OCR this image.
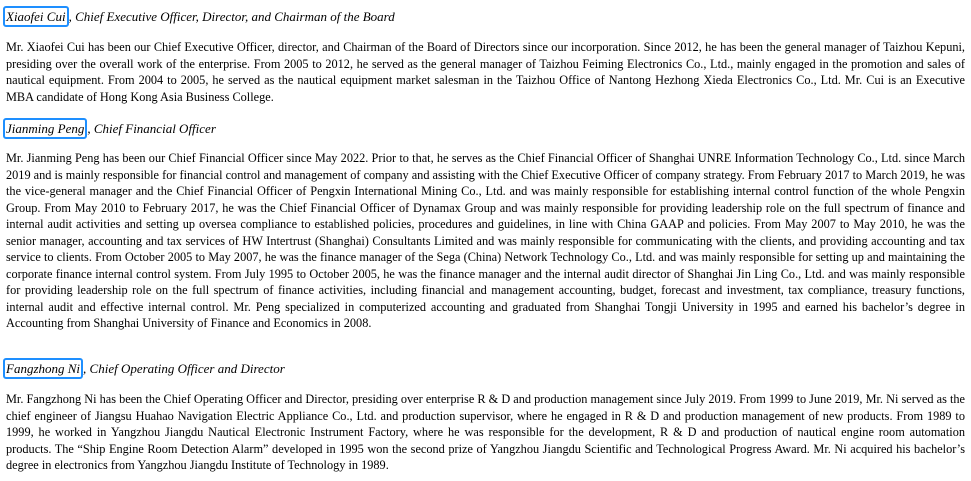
Xiaofei Cui , Chief Executive Officer, Director, and Chairman of the Board

Mr. Xiaofei Cui has been our Chief Executive Officer, director, and Chairman of the Board of Directors since our incorporation. Since 2012, he has been the general manager of Taizhou Kepuni, presiding over the overall work of the enterprise. From 2005 to 2012, he served as the general manager of Taizhou Feiming Electronics Co., Ltd., mainly engaged in the promotion and sales of nautical equipment. From 2004 to 2005, he served as the nautical equipment market salesman in the Taizhou Office of Nantong Hezhong Xieda Electronics Co., Ltd. Mr. Cui is an Executive MBA candidate of Hong Kong Asia Business College.

Jianming Peng , Chief Financial Officer

Mr. Jianming Peng has been our Chief Financial Officer since May 2022. Prior to that, he serves as the Chief Financial Officer of Shanghai UNRE Information Technology Co., Ltd. since March 2019 and is mainly responsible for financial control and management of company and assisting with the Chief Executive Officer of company strategy. From February 2017 to March 2019, he was the vice-general manager and the Chief Financial Officer of Pengxin International Mining Co., Ltd. and was mainly responsible for establishing internal control function of the whole Pengxin Group. From May 2010 to February 2017, he was the Chief Financial Officer of Dynamax Group and was mainly responsible for providing leadership role on the full spectrum of finance and internal audit activities and setting up oversea compliance to established policies, procedures and guidelines, in line with China GAAP and policies. From May 2007 to May 2010, he was the senior manager, accounting and tax services of HW Intertrust (Shanghai) Consultants Limited and was mainly responsible for communicating with the clients, and providing accounting and tax service to clients. From October 2005 to May 2007, he was the finance manager of the Sega (China) Network Technology Co., Ltd. and was mainly responsible for setting up and maintaining the corporate finance internal control system. From July 1995 to October 2005, he was the finance manager and the internal audit director of Shanghai Jin Ling Co., Ltd. and was mainly responsible for providing leadership role on the full spectrum of finance activities, including financial and management accounting, budget, forecast and investment, tax compliance, treasury functions, internal audit and effective internal control. Mr. Peng specialized in computerized accounting and graduated from Shanghai Tongji University in 1995 and earned his bachelor’s degree in Accounting from Shanghai University of Finance and Economics in 2008.

Fangzhong Ni , Chief Operating Officer and Director

Mr. Fangzhong Ni has been the Chief Operating Officer and Director, presiding over enterprise R & D and production management since July 2019. From 1999 to June 2019, Mr. Ni served as the chief engineer of Jiangsu Huahao Navigation Electric Appliance Co., Ltd. and production supervisor, where he engaged in R & D and production management of new products. From 1989 to 1999, he worked in Yangzhou Jiangdu Nautical Electronic Instrument Factory, where he was responsible for the development, R & D and production of nautical engine room automation products. The “Ship Engine Room Detection Alarm” developed in 1995 won the second prize of Yangzhou Jiangdu Scientific and Technological Progress Award. Mr. Ni acquired his bachelor’s degree in electronics from Yangzhou Jiangdu Institute of Technology in 1989.
